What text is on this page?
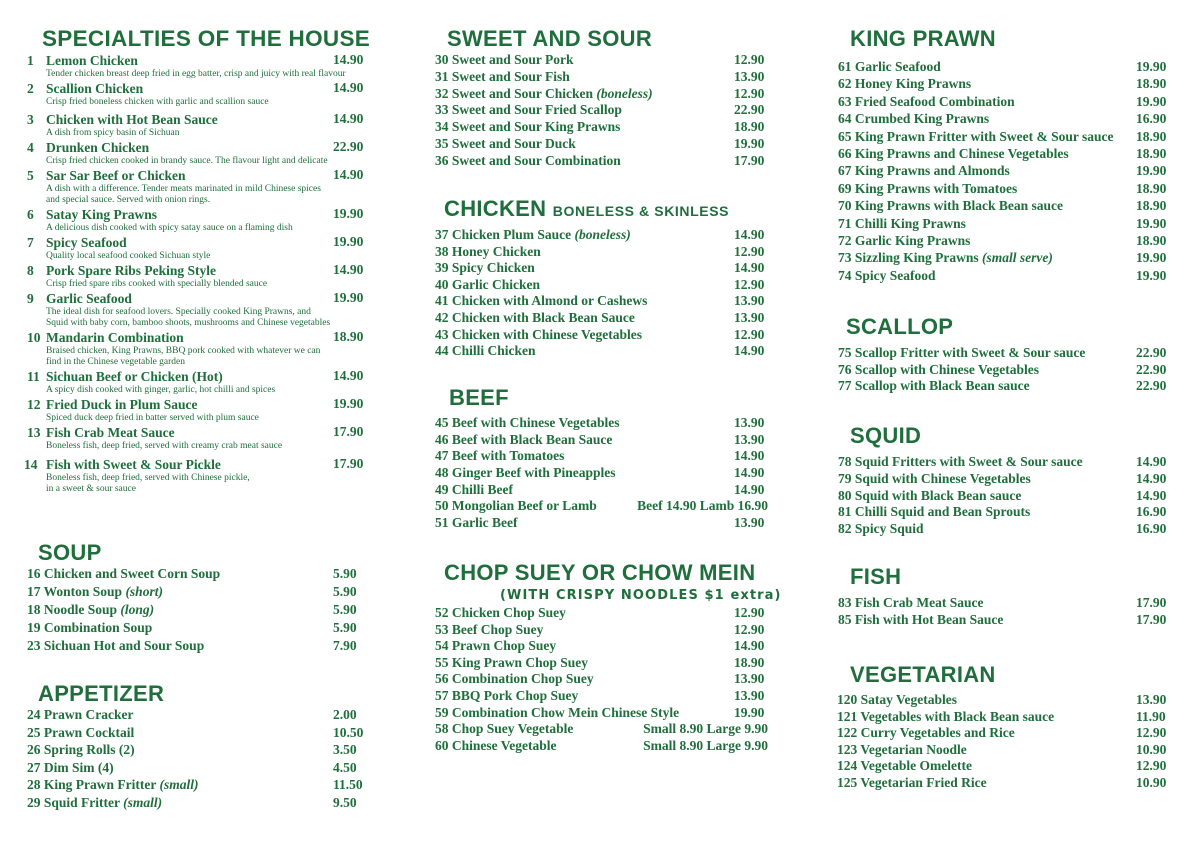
SPECIALTIES OF THE HOUSE
1 Lemon Chicken	14.90
Tender chicken breast deep fried in egg batter, crisp and juicy with real flavour
2 Scallion Chicken	14.90
Crisp fried boneless chicken with garlic and scallion sauce
3 Chicken with Hot Bean Sauce	14.90
A dish from spicy basin of Sichuan
4 Drunken Chicken	22.90
Crisp fried chicken cooked in brandy sauce. The flavour light and delicate
5 Sar Sar Beef or Chicken	14.90
A dish with a difference. Tender meats marinated in mild Chinese spices
and special sauce. Served with onion rings.
6 Satay King Prawns	19.90
A delicious dish cooked with spicy satay sauce on a flaming dish
7 Spicy Seafood	19.90
Quality local seafood cooked Sichuan style
8 Pork Spare Ribs Peking Style	14.90
Crisp fried spare ribs cooked with specially blended sauce
9 Garlic Seafood	19.90
The ideal dish for seafood lovers. Specially cooked King Prawns, and
Squid with baby corn, bamboo shoots, mushrooms and Chinese vegetables
10 Mandarin Combination	18.90
Braised chicken, King Prawns, BBQ pork cooked with whatever we can
find in the Chinese vegetable garden
11 Sichuan Beef or Chicken (Hot)	14.90
A spicy dish cooked with ginger, garlic, hot chilli and spices
12 Fried Duck in Plum Sauce	19.90
Spiced duck deep fried in batter served with plum sauce
13 Fish Crab Meat Sauce	17.90
Boneless fish, deep fried, served with creamy crab meat sauce
14 Fish with Sweet & Sour Pickle	17.90
Boneless fish, deep fried, served with Chinese pickle,
in a sweet & sour sauce
SOUP
16 Chicken and Sweet Corn Soup	5.90
17 Wonton Soup (short)	5.90
18 Noodle Soup (long)	5.90
19 Combination Soup	5.90
23 Sichuan Hot and Sour Soup	7.90
APPETIZER
24 Prawn Cracker	2.00
25 Prawn Cocktail	10.50
26 Spring Rolls (2)	3.50
27 Dim Sim (4)	4.50
28 King Prawn Fritter (small)	11.50
29 Squid Fritter (small)	9.50
SWEET AND SOUR
30 Sweet and Sour Pork	12.90
31 Sweet and Sour Fish	13.90
32 Sweet and Sour Chicken (boneless)	12.90
33 Sweet and Sour Fried Scallop	22.90
34 Sweet and Sour King Prawns	18.90
35 Sweet and Sour Duck	19.90
36 Sweet and Sour Combination	17.90
CHICKEN BONELESS & SKINLESS
37 Chicken Plum Sauce (boneless)	14.90
38 Honey Chicken	12.90
39 Spicy Chicken	14.90
40 Garlic Chicken	12.90
41 Chicken with Almond or Cashews	13.90
42 Chicken with Black Bean Sauce	13.90
43 Chicken with Chinese Vegetables	12.90
44 Chilli Chicken	14.90
BEEF
45 Beef with Chinese Vegetables	13.90
46 Beef with Black Bean Sauce	13.90
47 Beef with Tomatoes	14.90
48 Ginger Beef with Pineapples	14.90
49 Chilli Beef	14.90
50 Mongolian Beef or Lamb	Beef 14.90 Lamb 16.90
51 Garlic Beef	13.90
CHOP SUEY OR CHOW MEIN
(WITH CRISPY NOODLES $1 extra)
52 Chicken Chop Suey	12.90
53 Beef Chop Suey	12.90
54 Prawn Chop Suey	14.90
55 King Prawn Chop Suey	18.90
56 Combination Chop Suey	13.90
57 BBQ Pork Chop Suey	13.90
59 Combination Chow Mein Chinese Style	19.90
58 Chop Suey Vegetable	Small 8.90 Large 9.90
60 Chinese Vegetable	Small 8.90 Large 9.90
KING PRAWN
61 Garlic Seafood	19.90
62 Honey King Prawns	18.90
63 Fried Seafood Combination	19.90
64 Crumbed King Prawns	16.90
65 King Prawn Fritter with Sweet & Sour sauce	18.90
66 King Prawns and Chinese Vegetables	18.90
67 King Prawns and Almonds	19.90
69 King Prawns with Tomatoes	18.90
70 King Prawns with Black Bean sauce	18.90
71 Chilli King Prawns	19.90
72 Garlic King Prawns	18.90
73 Sizzling King Prawns (small serve)	19.90
74 Spicy Seafood	19.90
SCALLOP
75 Scallop Fritter with Sweet & Sour sauce	22.90
76 Scallop with Chinese Vegetables	22.90
77 Scallop with Black Bean sauce	22.90
SQUID
78 Squid Fritters with Sweet & Sour sauce	14.90
79 Squid with Chinese Vegetables	14.90
80 Squid with Black Bean sauce	14.90
81 Chilli Squid and Bean Sprouts	16.90
82 Spicy Squid	16.90
FISH
83 Fish Crab Meat Sauce	17.90
85 Fish with Hot Bean Sauce	17.90
VEGETARIAN
120 Satay Vegetables	13.90
121 Vegetables with Black Bean sauce	11.90
122 Curry Vegetables and Rice	12.90
123 Vegetarian Noodle	10.90
124 Vegetable Omelette	12.90
125 Vegetarian Fried Rice	10.90
